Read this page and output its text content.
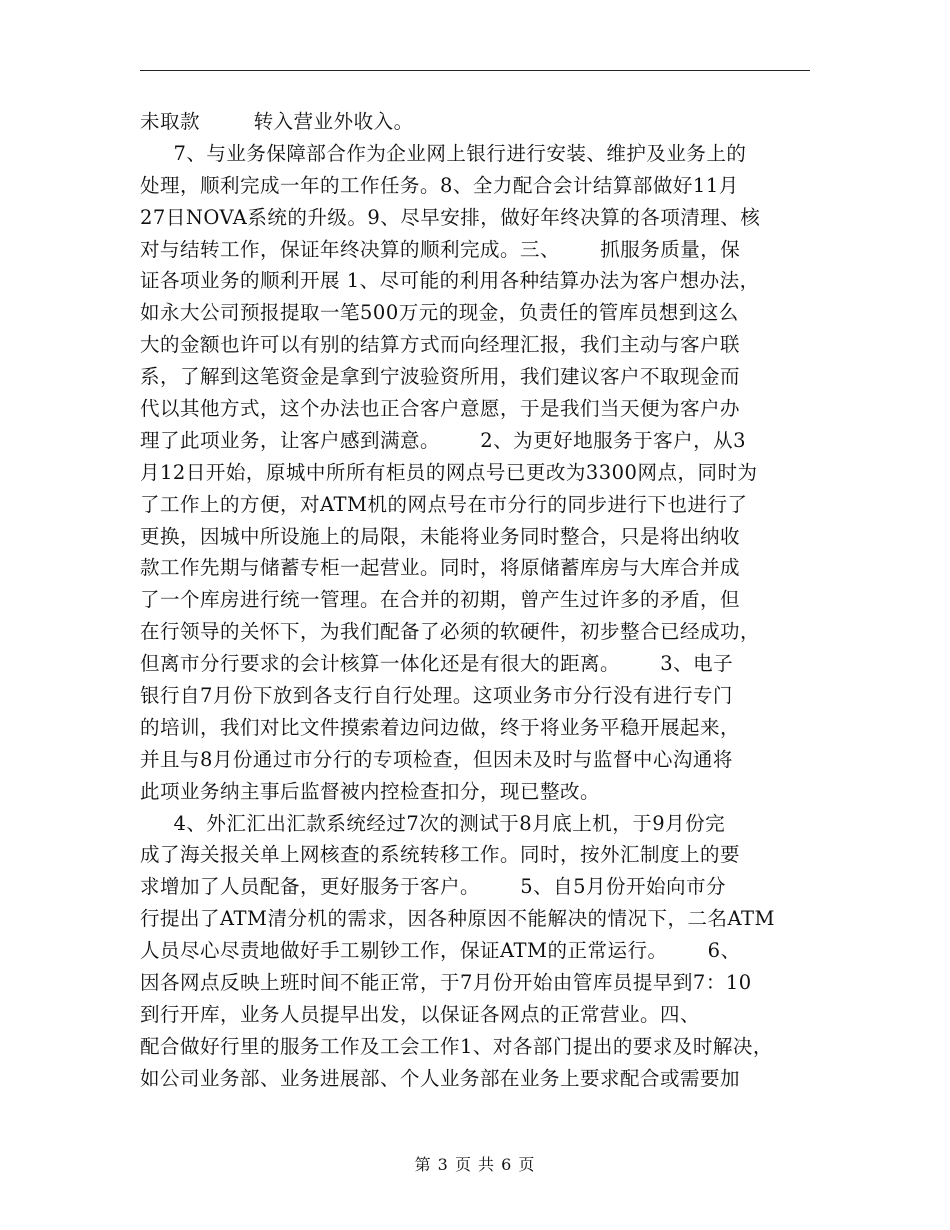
未取款        转入营业外收入。
7、与业务保障部合作为企业网上银行进行安装、维护及业务上的
处理，顺利完成一年的工作任务。8、全力配合会计结算部做好11月
27日NOVA系统的升级。9、尽早安排，做好年终决算的各项清理、核
对与结转工作，保证年终决算的顺利完成。三、      抓服务质量，保
证各项业务的顺利开展 1、尽可能的利用各种结算办法为客户想办法，
如永大公司预报提取一笔500万元的现金，负责任的管库员想到这么
大的金额也许可以有别的结算方式而向经理汇报，我们主动与客户联
系，了解到这笔资金是拿到宁波验资所用，我们建议客户不取现金而
代以其他方式，这个办法也正合客户意愿，于是我们当天便为客户办
理了此项业务，让客户感到满意。      2、为更好地服务于客户，从3
月12日开始，原城中所所有柜员的网点号已更改为3300网点，同时为
了工作上的方便，对ATM机的网点号在市分行的同步进行下也进行了
更换，因城中所设施上的局限，未能将业务同时整合，只是将出纳收
款工作先期与储蓄专柜一起营业。同时，将原储蓄库房与大库合并成
了一个库房进行统一管理。在合并的初期，曾产生过许多的矛盾，但
在行领导的关怀下，为我们配备了必须的软硬件，初步整合已经成功，
但离市分行要求的会计核算一体化还是有很大的距离。      3、电子
银行自7月份下放到各支行自行处理。这项业务市分行没有进行专门
的培训，我们对比文件摸索着边问边做，终于将业务平稳开展起来，
并且与8月份通过市分行的专项检查，但因未及时与监督中心沟通将
此项业务纳主事后监督被内控检查扣分，现已整改。
4、外汇汇出汇款系统经过7次的测试于8月底上机，于9月份完
成了海关报关单上网核查的系统转移工作。同时，按外汇制度上的要
求增加了人员配备，更好服务于客户。      5、自5月份开始向市分
行提出了ATM清分机的需求，因各种原因不能解决的情况下，二名ATM
人员尽心尽责地做好手工剔钞工作，保证ATM的正常运行。      6、
因各网点反映上班时间不能正常，于7月份开始由管库员提早到7：10
到行开库，业务人员提早出发，以保证各网点的正常营业。四、
配合做好行里的服务工作及工会工作1、对各部门提出的要求及时解决，
如公司业务部、业务进展部、个人业务部在业务上要求配合或需要加
第 3 页 共 6 页
